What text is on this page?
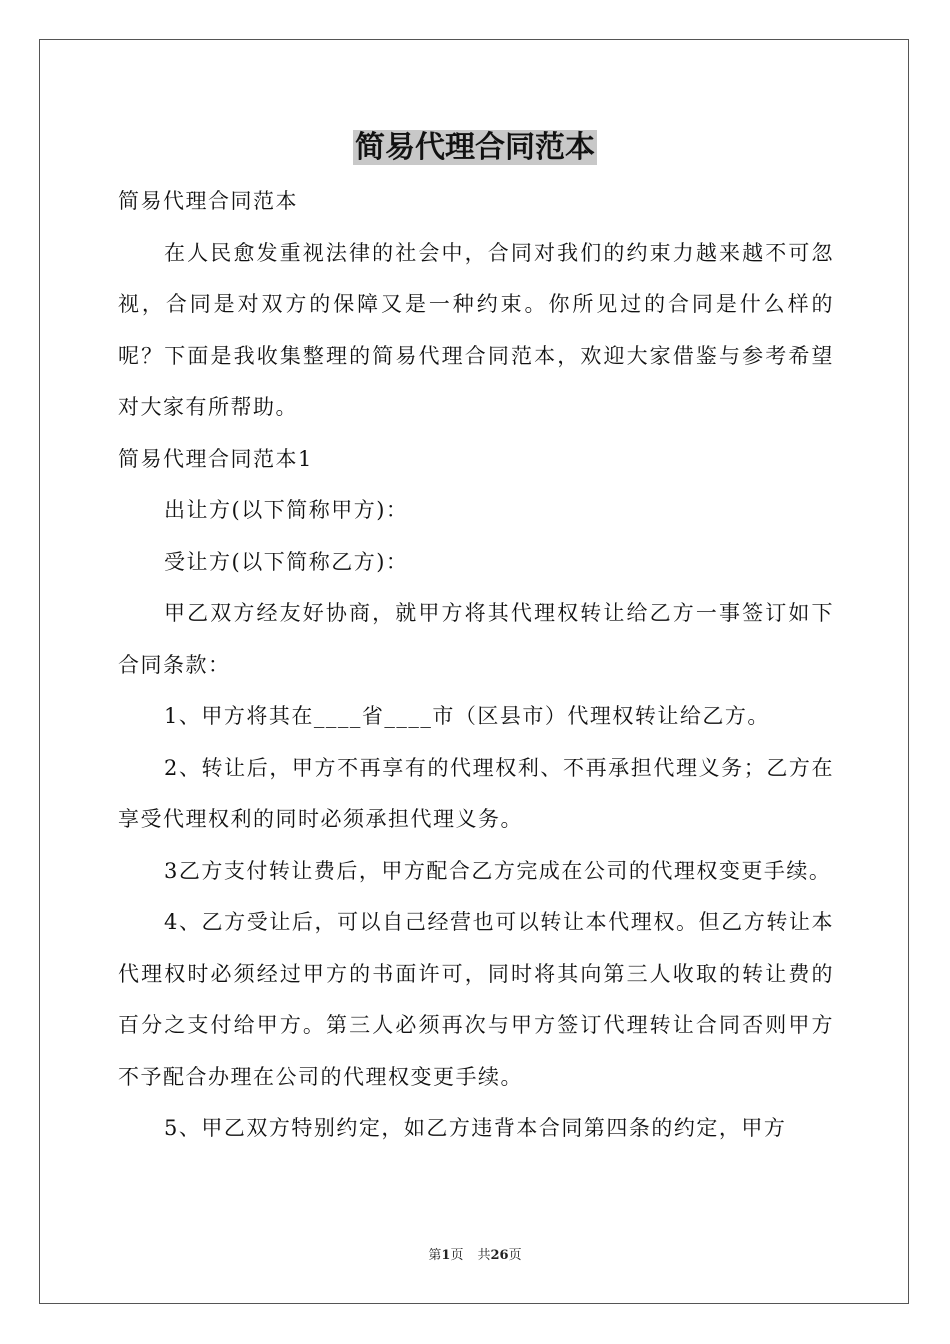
简易代理合同范本

简易代理合同范本

在人民愈发重视法律的社会中，合同对我们的约束力越来越不可忽视，合同是对双方的保障又是一种约束。你所见过的合同是什么样的呢？下面是我收集整理的简易代理合同范本，欢迎大家借鉴与参考希望对大家有所帮助。

简易代理合同范本1

出让方(以下简称甲方)：

受让方(以下简称乙方)：

甲乙双方经友好协商，就甲方将其代理权转让给乙方一事签订如下合同条款：

1、甲方将其在____省____市（区县市）代理权转让给乙方。

2、转让后，甲方不再享有的代理权利、不再承担代理义务；乙方在享受代理权利的同时必须承担代理义务。

3乙方支付转让费后，甲方配合乙方完成在公司的代理权变更手续。

4、乙方受让后，可以自己经营也可以转让本代理权。但乙方转让本代理权时必须经过甲方的书面许可，同时将其向第三人收取的转让费的百分之支付给甲方。第三人必须再次与甲方签订代理转让合同否则甲方不予配合办理在公司的代理权变更手续。

5、甲乙双方特别约定，如乙方违背本合同第四条的约定，甲方

第1页 共26页
